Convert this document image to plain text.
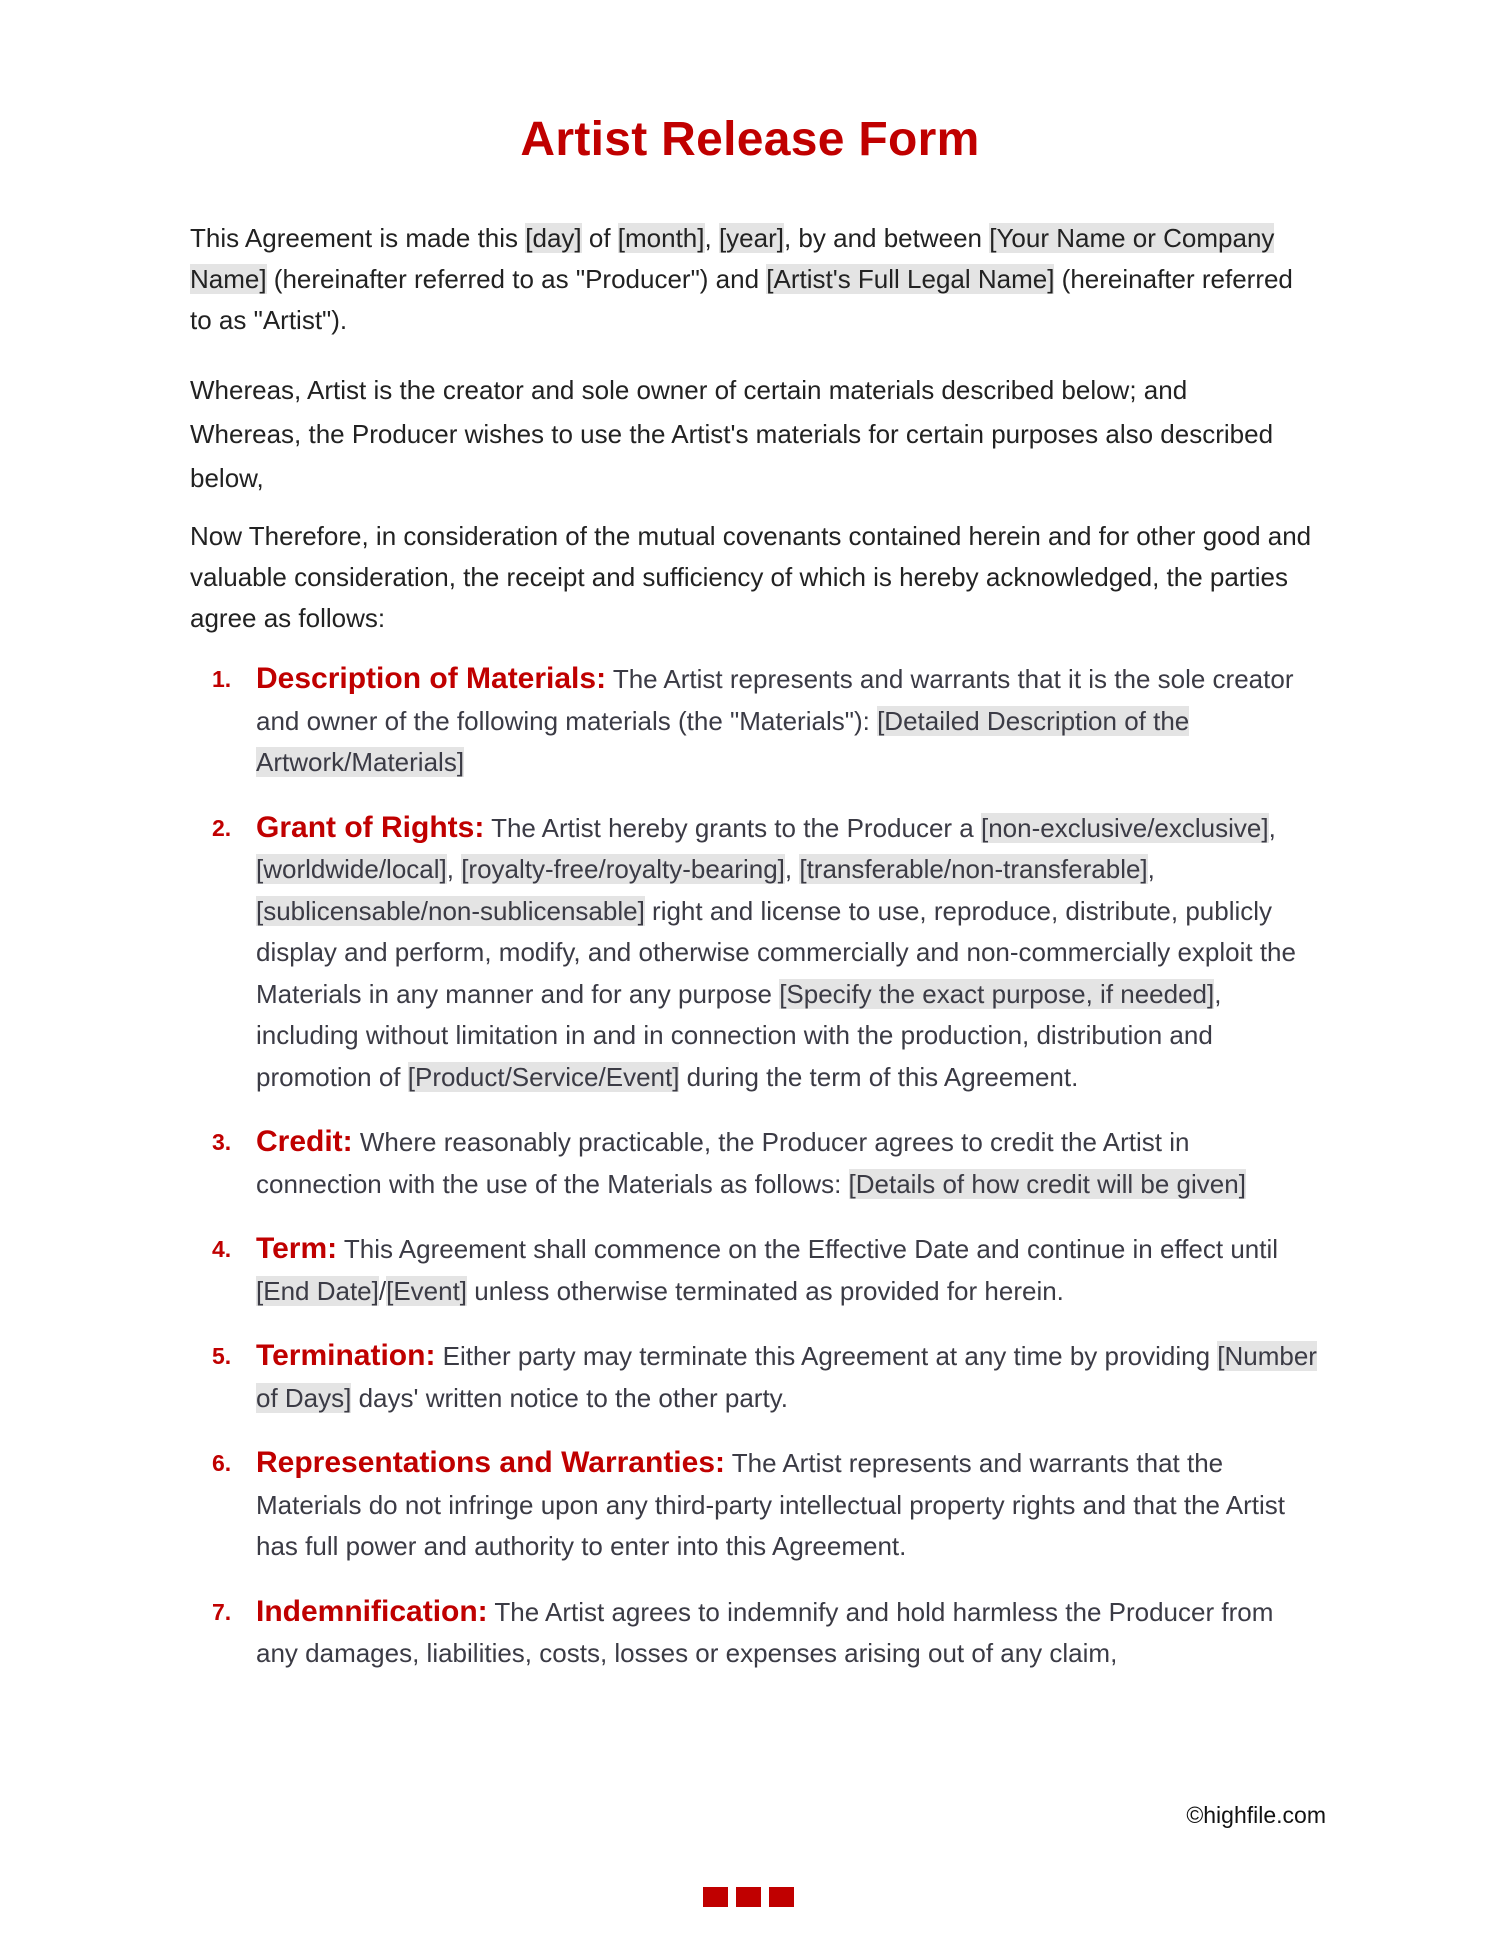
Artist Release Form

This Agreement is made this [day] of [month], [year], by and between [Your Name or Company Name] (hereinafter referred to as "Producer") and [Artist's Full Legal Name] (hereinafter referred to as "Artist").

Whereas, Artist is the creator and sole owner of certain materials described below; and
Whereas, the Producer wishes to use the Artist's materials for certain purposes also described below,

Now Therefore, in consideration of the mutual covenants contained herein and for other good and valuable consideration, the receipt and sufficiency of which is hereby acknowledged, the parties agree as follows:

1. Description of Materials: The Artist represents and warrants that it is the sole creator and owner of the following materials (the "Materials"): [Detailed Description of the Artwork/Materials]
2. Grant of Rights: The Artist hereby grants to the Producer a [non-exclusive/exclusive], [worldwide/local], [royalty-free/royalty-bearing], [transferable/non-transferable], [sublicensable/non-sublicensable] right and license to use, reproduce, distribute, publicly display and perform, modify, and otherwise commercially and non-commercially exploit the Materials in any manner and for any purpose [Specify the exact purpose, if needed], including without limitation in and in connection with the production, distribution and promotion of [Product/Service/Event] during the term of this Agreement.
3. Credit: Where reasonably practicable, the Producer agrees to credit the Artist in connection with the use of the Materials as follows: [Details of how credit will be given]
4. Term: This Agreement shall commence on the Effective Date and continue in effect until [End Date]/[Event] unless otherwise terminated as provided for herein.
5. Termination: Either party may terminate this Agreement at any time by providing [Number of Days] days' written notice to the other party.
6. Representations and Warranties: The Artist represents and warrants that the Materials do not infringe upon any third-party intellectual property rights and that the Artist has full power and authority to enter into this Agreement.
7. Indemnification: The Artist agrees to indemnify and hold harmless the Producer from any damages, liabilities, costs, losses or expenses arising out of any claim,
©highfile.com
